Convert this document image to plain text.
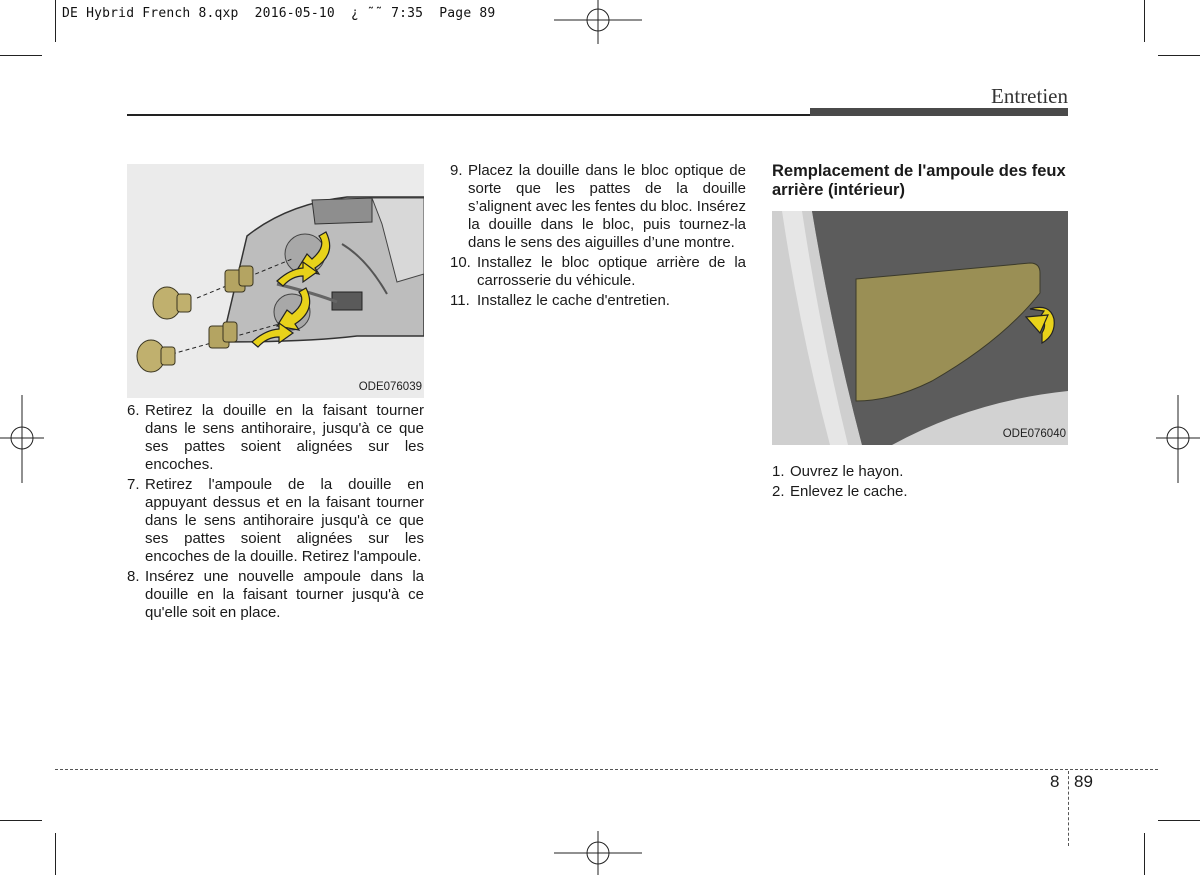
DE Hybrid French 8.qxp  2016-05-10  ¿ ˜˜ 7:35  Page 89
Entretien
ODE076039
6. Retirez la douille en la faisant tourner dans le sens antihoraire, jusqu'à ce que ses pattes soient alignées sur les encoches.
7. Retirez l'ampoule de la douille en appuyant dessus et en la faisant tourner dans le sens antihoraire jusqu'à ce que ses pattes soient alignées sur les encoches de la douille. Retirez l'ampoule.
8. Insérez une nouvelle ampoule dans la douille en la faisant tourner jusqu'à ce qu'elle soit en place.
9. Placez la douille dans le bloc optique de sorte que les pattes de la douille s’alignent avec les fentes du bloc. Insérez la douille dans le bloc, puis tournez-la dans le sens des aiguilles d’une montre.
10. Installez le bloc optique arrière de la carrosserie du véhicule.
11. Installez le cache d'entretien.
Remplacement de l'ampoule des feux arrière (intérieur)
ODE076040
1. Ouvrez le hayon.
2. Enlevez le cache.
8 89
